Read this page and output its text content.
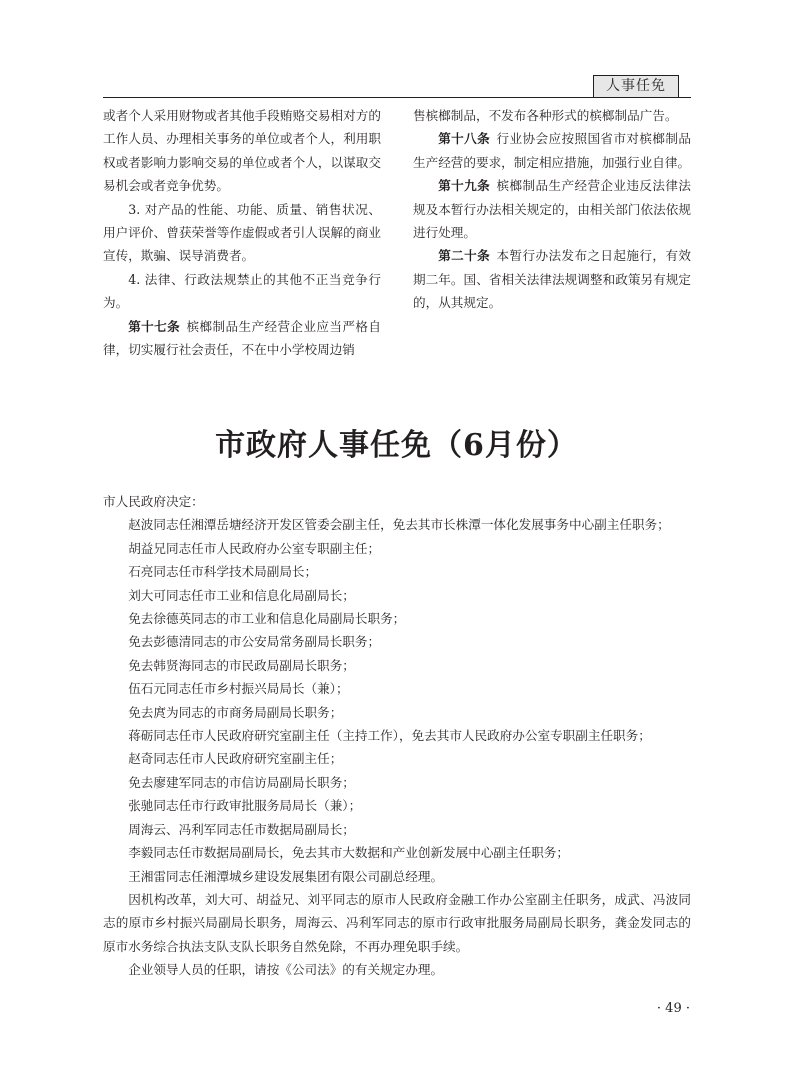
人事任免

或者个人采用财物或者其他手段贿赂交易相对方的工作人员、办理相关事务的单位或者个人，利用职权或者影响力影响交易的单位或者个人，以谋取交易机会或者竞争优势。

3. 对产品的性能、功能、质量、销售状况、用户评价、曾获荣誉等作虚假或者引人误解的商业宣传，欺骗、误导消费者。

4. 法律、行政法规禁止的其他不正当竞争行为。

第十七条 槟榔制品生产经营企业应当严格自律，切实履行社会责任，不在中小学校周边销

售槟榔制品，不发布各种形式的槟榔制品广告。

第十八条 行业协会应按照国省市对槟榔制品生产经营的要求，制定相应措施，加强行业自律。

第十九条 槟榔制品生产经营企业违反法律法规及本暂行办法相关规定的，由相关部门依法依规进行处理。

第二十条 本暂行办法发布之日起施行，有效期二年。国、省相关法律法规调整和政策另有规定的，从其规定。

市政府人事任免（6月份）

市人民政府决定：

赵波同志任湘潭岳塘经济开发区管委会副主任，免去其市长株潭一体化发展事务中心副主任职务；

胡益兄同志任市人民政府办公室专职副主任；

石亮同志任市科学技术局副局长；

刘大可同志任市工业和信息化局副局长；

免去徐德英同志的市工业和信息化局副局长职务；

免去彭德清同志的市公安局常务副局长职务；

免去韩贤海同志的市民政局副局长职务；

伍石元同志任市乡村振兴局局长（兼）；

免去庹为同志的市商务局副局长职务；

蒋砺同志任市人民政府研究室副主任（主持工作），免去其市人民政府办公室专职副主任职务；

赵奇同志任市人民政府研究室副主任；

免去廖建军同志的市信访局副局长职务；

张驰同志任市行政审批服务局局长（兼）；

周海云、冯利军同志任市数据局副局长；

李毅同志任市数据局副局长，免去其市大数据和产业创新发展中心副主任职务；

王湘雷同志任湘潭城乡建设发展集团有限公司副总经理。

因机构改革，刘大可、胡益兄、刘平同志的原市人民政府金融工作办公室副主任职务，成武、冯波同志的原市乡村振兴局副局长职务，周海云、冯利军同志的原市行政审批服务局副局长职务，龚金发同志的原市水务综合执法支队支队长职务自然免除，不再办理免职手续。

企业领导人员的任职，请按《公司法》的有关规定办理。

· 49 ·
